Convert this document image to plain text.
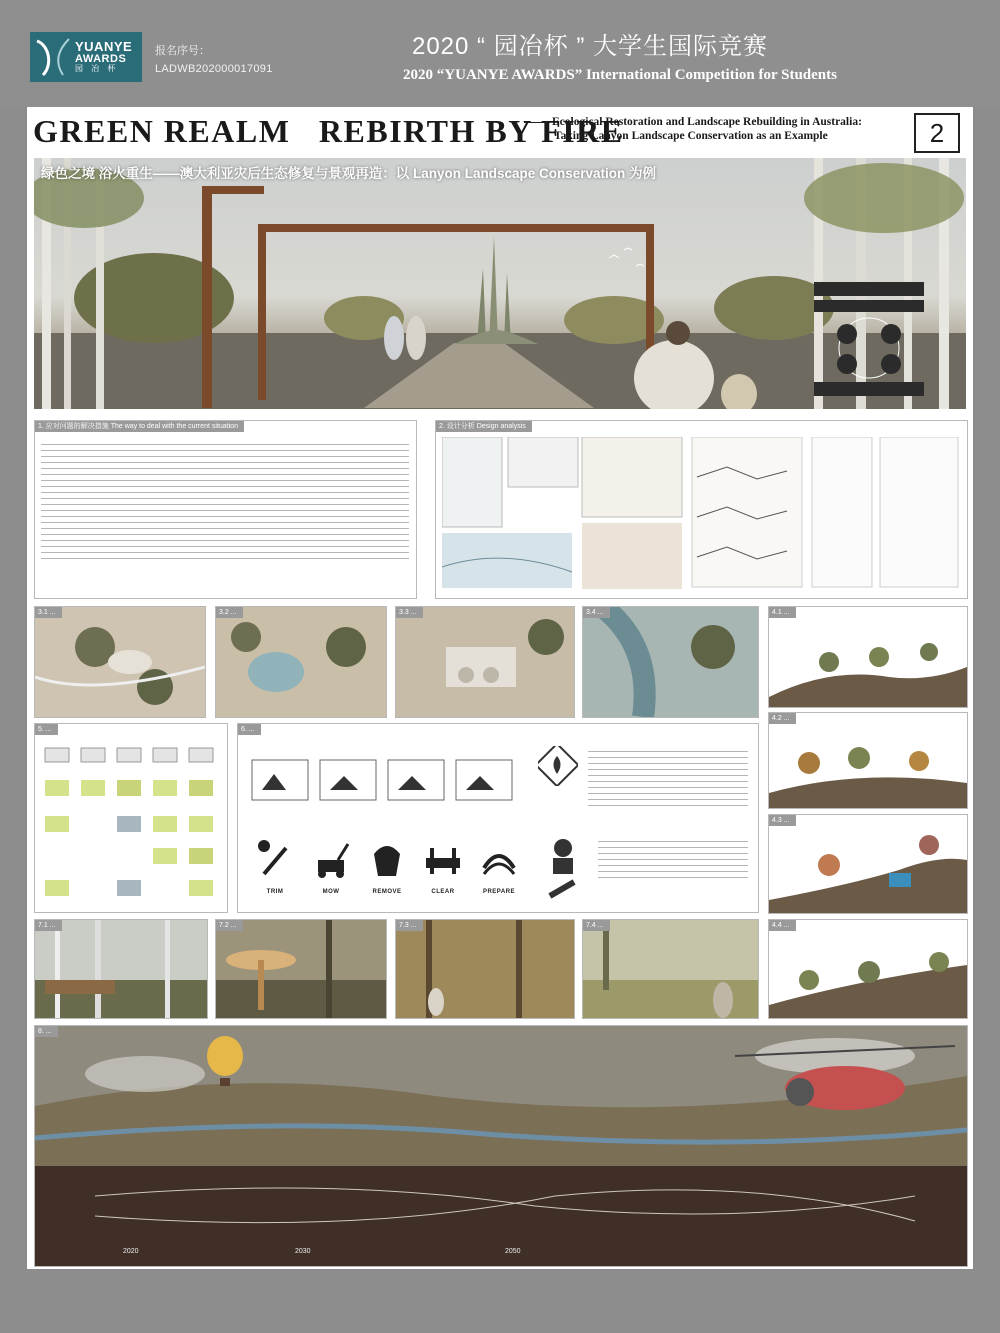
YUANYE
AWARDS
园 冶 杯
报名序号：
LADWB202000017091
2020 “ 园冶杯 ” 大学生国际竞赛
2020 “YUANYE AWARDS” International Competition for Students
GREEN REALM   REBIRTH BY FIRE
Ecological Restoration and Landscape Rebuilding in Australia:
Taking Lanyon Landscape Conservation as an Example	2
绿色之境 浴火重生——澳大利亚灾后生态修复与景观再造：以 Lanyon Landscape Conservation 为例
1. 应对问题的解决措施 The way to deal with the current situation	2. 设计分析 Design analysis
3.1 ...	3.2 ...	3.3 ...	3.4 ...	4.1 ...
4.2 ...
4.3 ...
4.4 ...
5. ...	6. ...
TRIM	MOW	REMOVE	CLEAR	PREPARE
7.1 ...	7.2 ...	7.3 ...	7.4 ...
8. ...
2020	2030	2050
